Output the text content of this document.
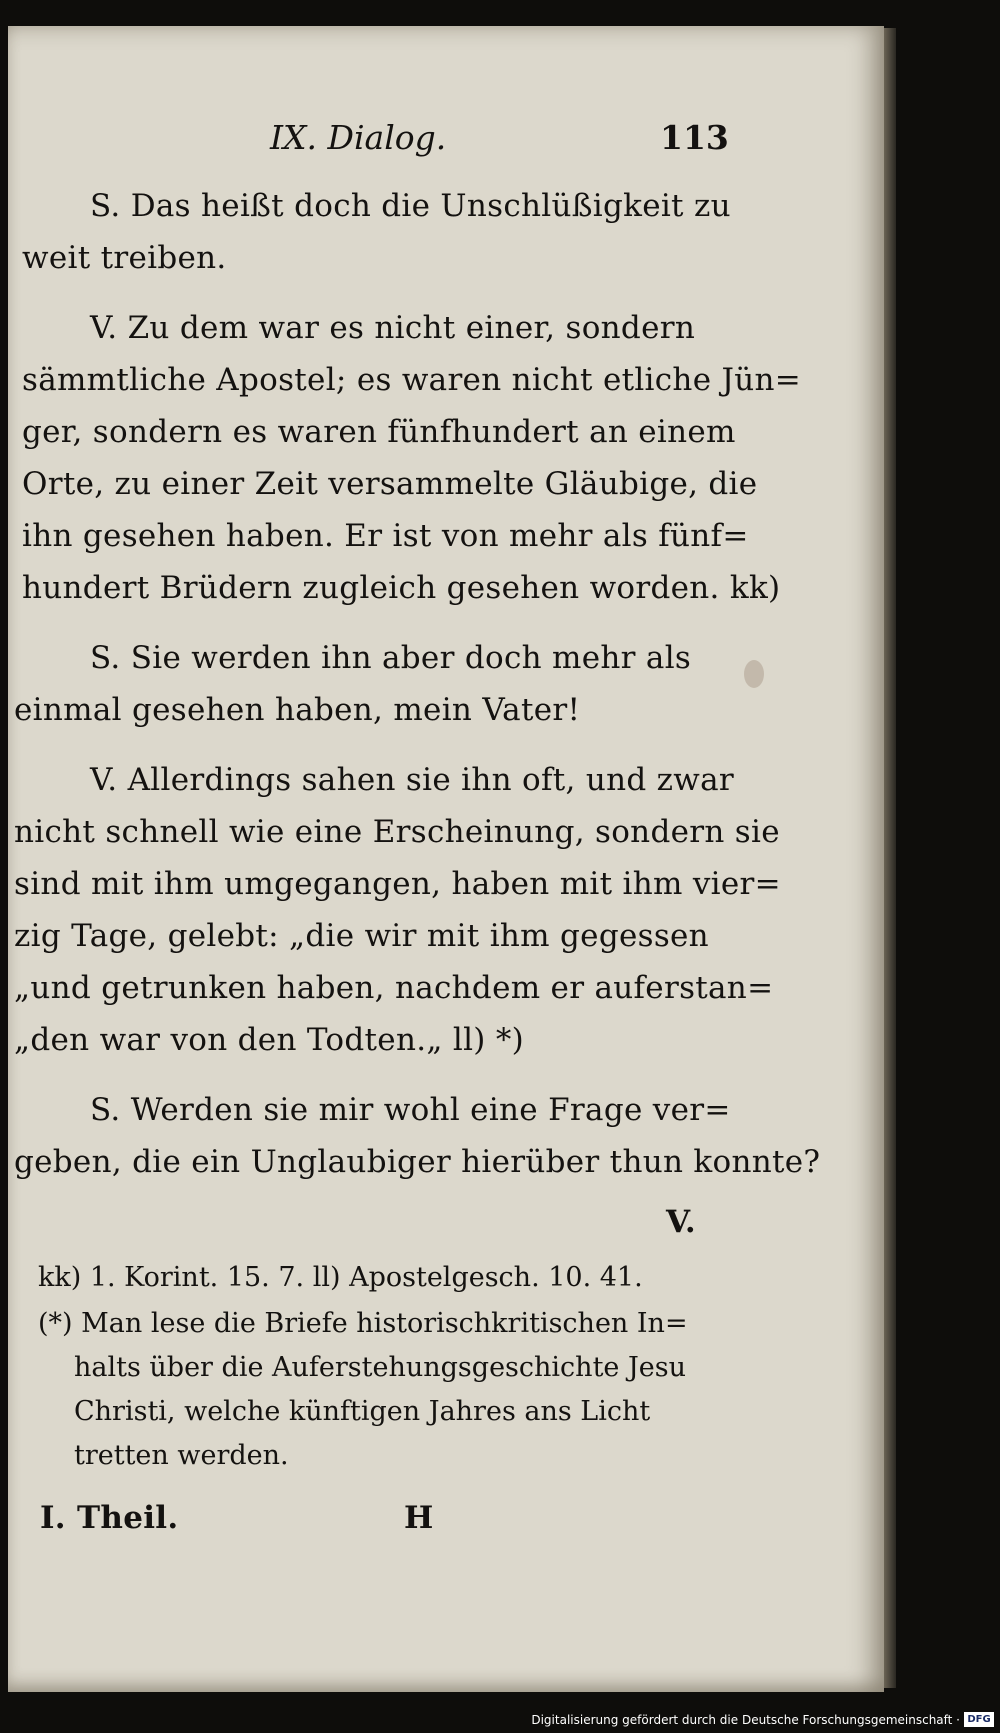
IX. Dialog.	113
S. Das heißt doch die Unschlüßigkeit zu
weit treiben.
V. Zu dem war es nicht einer, sondern
sämmtliche Apostel; es waren nicht etliche Jün=
ger, sondern es waren fünfhundert an einem
Orte, zu einer Zeit versammelte Gläubige, die
ihn gesehen haben. Er ist von mehr als fünf=
hundert Brüdern zugleich gesehen worden. kk)
S. Sie werden ihn aber doch mehr als
einmal gesehen haben, mein Vater!
V. Allerdings sahen sie ihn oft, und zwar
nicht schnell wie eine Erscheinung, sondern sie
sind mit ihm umgegangen, haben mit ihm vier=
zig Tage, gelebt: „die wir mit ihm gegessen
„und getrunken haben, nachdem er auferstan=
„den war von den Todten.„ ll) *)
S. Werden sie mir wohl eine Frage ver=
geben, die ein Unglaubiger hierüber thun konnte?
V.
kk) 1. Korint. 15. 7. ll) Apostelgesch. 10. 41.
(*) Man lese die Briefe historischkritischen In=
halts über die Auferstehungsgeschichte Jesu
Christi, welche künftigen Jahres ans Licht
tretten werden.
I. Theil.	H
Digitalisierung gefördert durch die Deutsche Forschungsgemeinschaft · DFG
